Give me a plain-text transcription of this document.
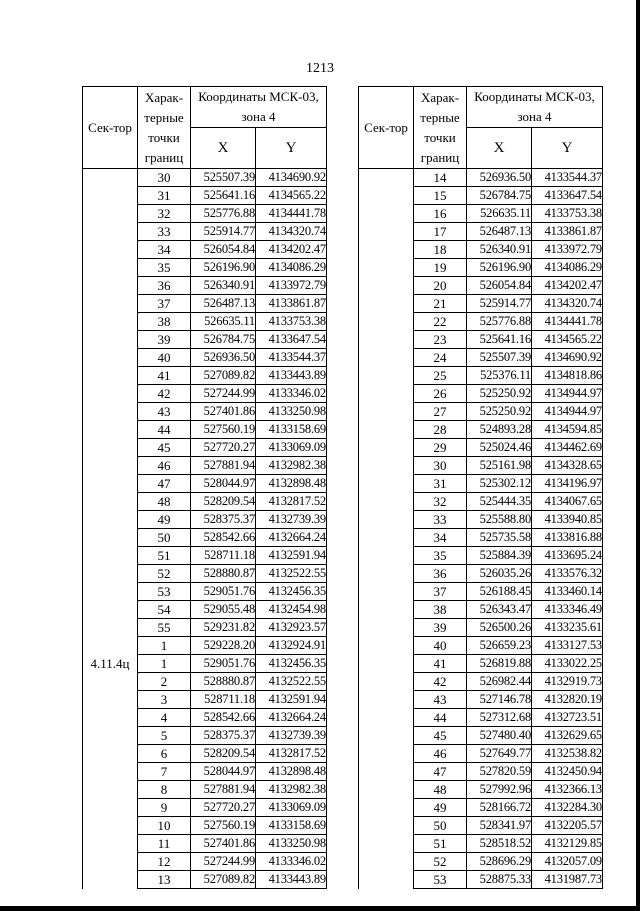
1213
Сек-тор	Харак-терные точки границ	Координаты МСК-03, зона 4	
		X	Y
	30	525507.39	4134690.92
	31	525641.16	4134565.22
	32	525776.88	4134441.78
	33	525914.77	4134320.74
	34	526054.84	4134202.47
	35	526196.90	4134086.29
	36	526340.91	4133972.79
	37	526487.13	4133861.87
	38	526635.11	4133753.38
	39	526784.75	4133647.54
	40	526936.50	4133544.37
	41	527089.82	4133443.89
	42	527244.99	4133346.02
	43	527401.86	4133250.98
	44	527560.19	4133158.69
	45	527720.27	4133069.09
	46	527881.94	4132982.38
	47	528044.97	4132898.48
	48	528209.54	4132817.52
	49	528375.37	4132739.39
	50	528542.66	4132664.24
	51	528711.18	4132591.94
	52	528880.87	4132522.55
	53	529051.76	4132456.35
	54	529055.48	4132454.98
	55	529231.82	4132923.57
	1	529228.20	4132924.91
4.11.4ц	1	529051.76	4132456.35
	2	528880.87	4132522.55
	3	528711.18	4132591.94
	4	528542.66	4132664.24
	5	528375.37	4132739.39
	6	528209.54	4132817.52
	7	528044.97	4132898.48
	8	527881.94	4132982.38
	9	527720.27	4133069.09
	10	527560.19	4133158.69
	11	527401.86	4133250.98
	12	527244.99	4133346.02
	13	527089.82	4133443.89
Сек-тор	Харак-терные точки границ	Координаты МСК-03, зона 4	
		X	Y
	14	526936.50	4133544.37
	15	526784.75	4133647.54
	16	526635.11	4133753.38
	17	526487.13	4133861.87
	18	526340.91	4133972.79
	19	526196.90	4134086.29
	20	526054.84	4134202.47
	21	525914.77	4134320.74
	22	525776.88	4134441.78
	23	525641.16	4134565.22
	24	525507.39	4134690.92
	25	525376.11	4134818.86
	26	525250.92	4134944.97
	27	525250.92	4134944.97
	28	524893.28	4134594.85
	29	525024.46	4134462.69
	30	525161.98	4134328.65
	31	525302.12	4134196.97
	32	525444.35	4134067.65
	33	525588.80	4133940.85
	34	525735.58	4133816.88
	35	525884.39	4133695.24
	36	526035.26	4133576.32
	37	526188.45	4133460.14
	38	526343.47	4133346.49
	39	526500.26	4133235.61
	40	526659.23	4133127.53
	41	526819.88	4133022.25
	42	526982.44	4132919.73
	43	527146.78	4132820.19
	44	527312.68	4132723.51
	45	527480.40	4132629.65
	46	527649.77	4132538.82
	47	527820.59	4132450.94
	48	527992.96	4132366.13
	49	528166.72	4132284.30
	50	528341.97	4132205.57
	51	528518.52	4132129.85
	52	528696.29	4132057.09
	53	528875.33	4131987.73
